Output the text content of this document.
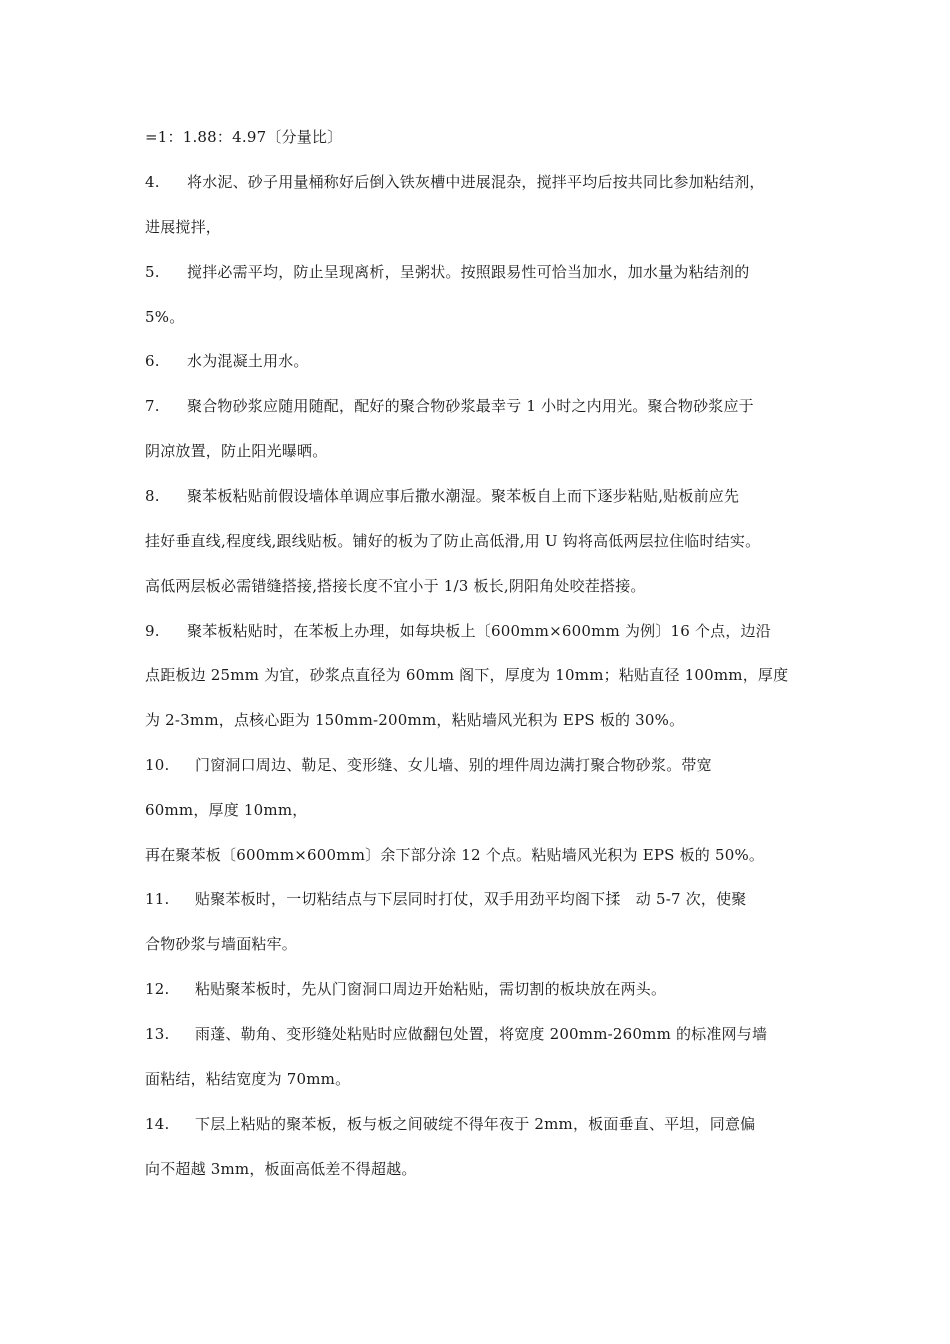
=1：1.88：4.97〔分量比〕
4. 将水泥、砂子用量桶称好后倒入铁灰槽中进展混杂，搅拌平均后按共同比参加粘结剂，
进展搅拌，
5. 搅拌必需平均，防止呈现离析，呈粥状。按照跟易性可恰当加水，加水量为粘结剂的
5%。
6. 水为混凝土用水。
7. 聚合物砂浆应随用随配，配好的聚合物砂浆最幸亏 1 小时之内用光。聚合物砂浆应于
阴凉放置，防止阳光曝晒。
8. 聚苯板粘贴前假设墙体单调应事后撒水潮湿。聚苯板自上而下逐步粘贴,贴板前应先
挂好垂直线,程度线,跟线贴板。铺好的板为了防止高低滑,用 U 钩将高低两层拉住临时结实。
高低两层板必需错缝搭接,搭接长度不宜小于 1/3 板长,阴阳角处咬茬搭接。
9. 聚苯板粘贴时，在苯板上办理，如每块板上〔600mm×600mm 为例〕16 个点，边沿
点距板边 25mm 为宜，砂浆点直径为 60mm 阁下，厚度为 10mm；粘贴直径 100mm，厚度
为 2-3mm，点核心距为 150mm-200mm，粘贴墙风光积为 EPS 板的 30%。
10. 门窗洞口周边、勒足、变形缝、女儿墙、别的埋件周边满打聚合物砂浆。带宽
60mm，厚度 10mm，
再在聚苯板〔600mm×600mm〕余下部分涂 12 个点。粘贴墙风光积为 EPS 板的 50%。
11. 贴聚苯板时，一切粘结点与下层同时打仗，双手用劲平均阁下揉　动 5-7 次，使聚
合物砂浆与墙面粘牢。
12. 粘贴聚苯板时，先从门窗洞口周边开始粘贴，需切割的板块放在两头。
13. 雨蓬、勒角、变形缝处粘贴时应做翻包处置，将宽度 200mm-260mm 的标准网与墙
面粘结，粘结宽度为 70mm。
14. 下层上粘贴的聚苯板，板与板之间破绽不得年夜于 2mm，板面垂直、平坦，同意偏
向不超越 3mm，板面高低差不得超越。
